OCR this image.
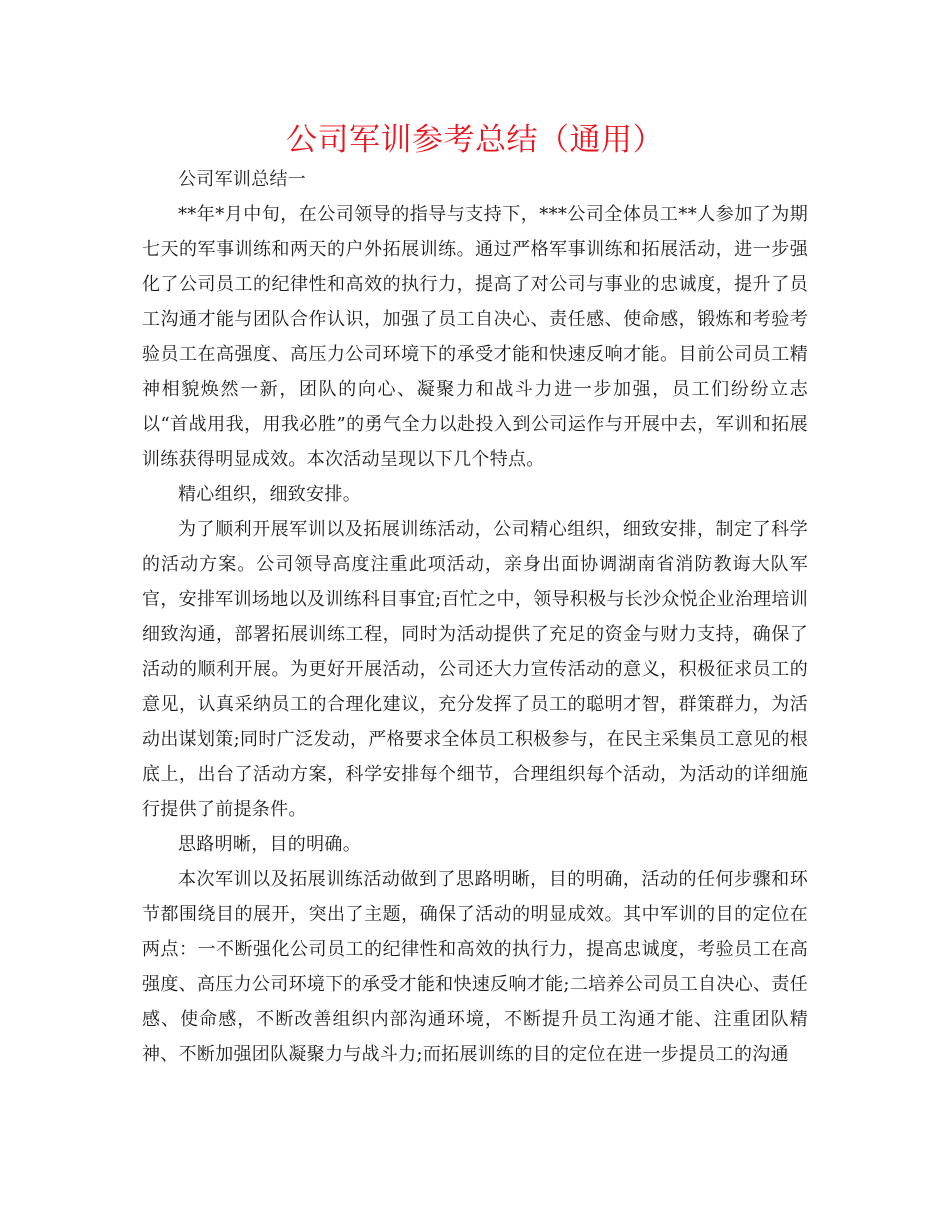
公司军训参考总结（通用）

公司军训总结一

**年*月中旬，在公司领导的指导与支持下，***公司全体员工**人参加了为期七天的军事训练和两天的户外拓展训练。通过严格军事训练和拓展活动，进一步强化了公司员工的纪律性和高效的执行力，提高了对公司与事业的忠诚度，提升了员工沟通才能与团队合作认识，加强了员工自决心、责任感、使命感，锻炼和考验考验员工在高强度、高压力公司环境下的承受才能和快速反响才能。目前公司员工精神相貌焕然一新，团队的向心、凝聚力和战斗力进一步加强，员工们纷纷立志以“首战用我，用我必胜”的勇气全力以赴投入到公司运作与开展中去，军训和拓展训练获得明显成效。本次活动呈现以下几个特点。

精心组织，细致安排。

为了顺利开展军训以及拓展训练活动，公司精心组织，细致安排，制定了科学的活动方案。公司领导高度注重此项活动，亲身出面协调湖南省消防教诲大队军官，安排军训场地以及训练科目事宜;百忙之中，领导积极与长沙众悦企业治理培训细致沟通，部署拓展训练工程，同时为活动提供了充足的资金与财力支持，确保了活动的顺利开展。为更好开展活动，公司还大力宣传活动的意义，积极征求员工的意见，认真采纳员工的合理化建议，充分发挥了员工的聪明才智，群策群力，为活动出谋划策;同时广泛发动，严格要求全体员工积极参与，在民主采集员工意见的根底上，出台了活动方案，科学安排每个细节，合理组织每个活动，为活动的详细施行提供了前提条件。

思路明晰，目的明确。

本次军训以及拓展训练活动做到了思路明晰，目的明确，活动的任何步骤和环节都围绕目的展开，突出了主题，确保了活动的明显成效。其中军训的目的定位在两点：一不断强化公司员工的纪律性和高效的执行力，提高忠诚度，考验员工在高强度、高压力公司环境下的承受才能和快速反响才能;二培养公司员工自决心、责任感、使命感，不断改善组织内部沟通环境，不断提升员工沟通才能、注重团队精神、不断加强团队凝聚力与战斗力;而拓展训练的目的定位在进一步提员工的沟通
